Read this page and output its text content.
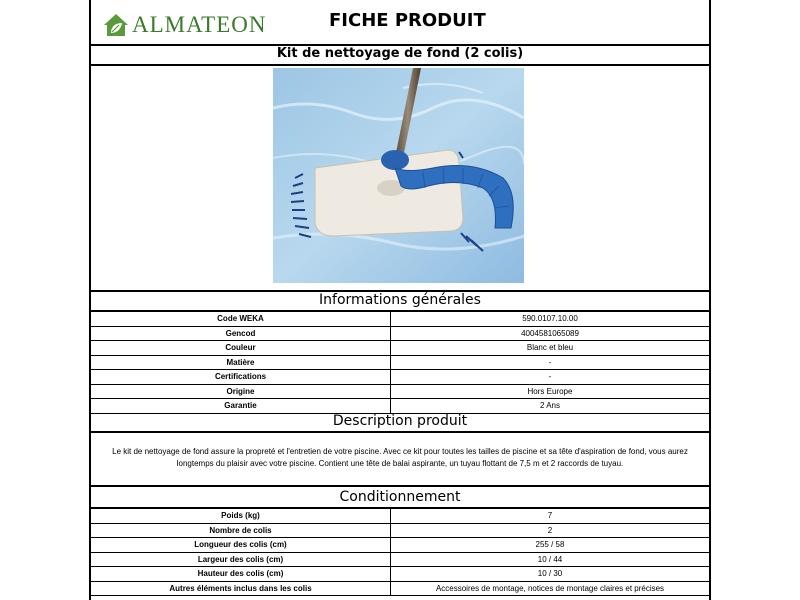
ALMATEON	FICHE PRODUIT
Kit de nettoyage de fond (2 colis)
Informations générales
Code WEKA	590.0107.10.00
Gencod	4004581065089
Couleur	Blanc et bleu
Matière	-
Certifications	-
Origine	Hors Europe
Garantie	2 Ans
Description produit
Le kit de nettoyage de fond assure la propreté et l'entretien de votre piscine. Avec ce kit pour toutes les tailles de piscine et sa tête d'aspiration de fond, vous aurez longtemps du plaisir avec votre piscine. Contient une tête de balai aspirante, un tuyau flottant de 7,5 m et 2 raccords de tuyau.
Conditionnement
Poids (kg)	7
Nombre de colis	2
Longueur des colis (cm)	255 / 58
Largeur des colis (cm)	10 / 44
Hauteur des colis (cm)	10 / 30
Autres éléments inclus dans les colis	Accessoires de montage, notices de montage claires et précises
